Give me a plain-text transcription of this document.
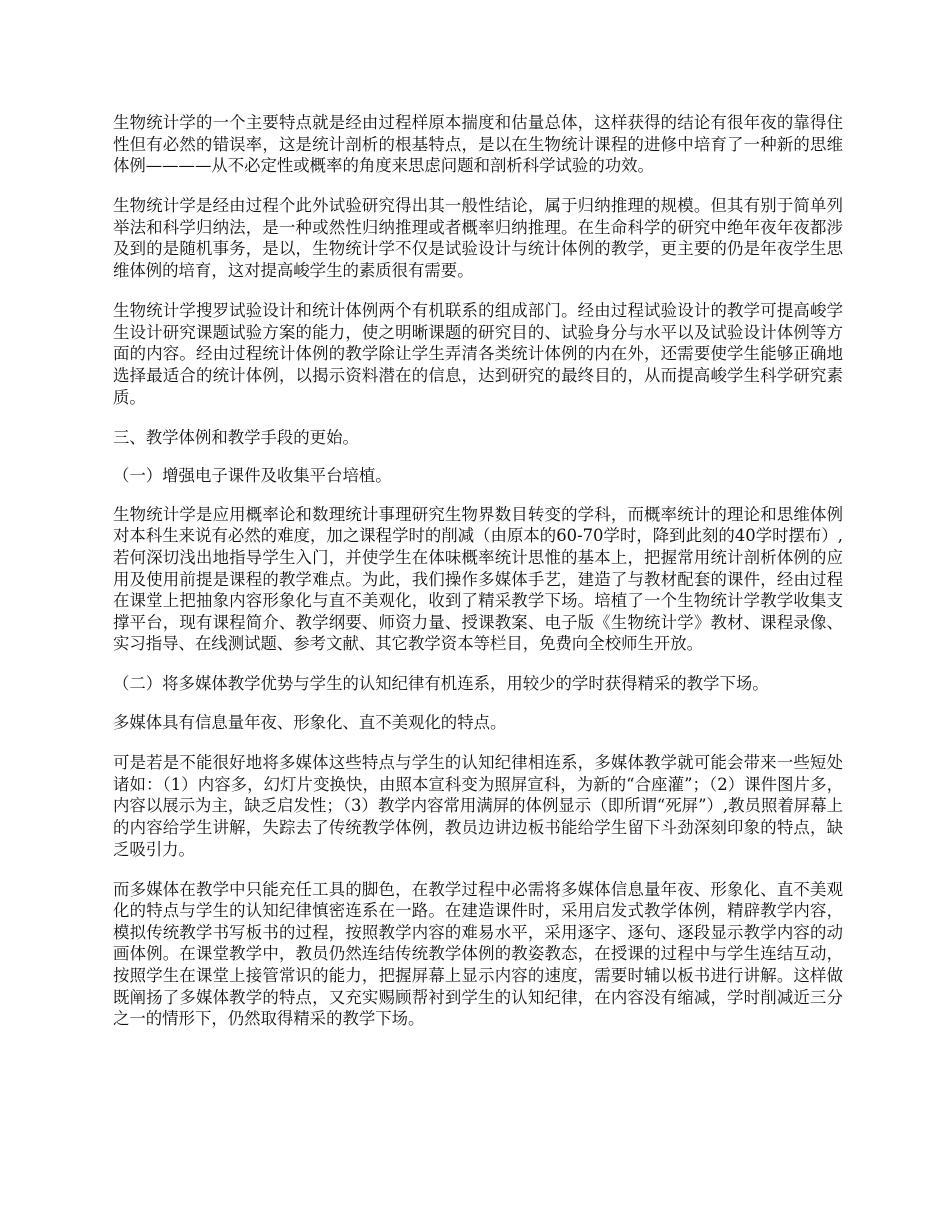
生物统计学的一个主要特点就是经由过程样原本揣度和估量总体，这样获得的结论有很年夜的靠得住性但有必然的错误率，这是统计剖析的根基特点，是以在生物统计课程的进修中培育了一种新的思维体例————从不必定性或概率的角度来思虑问题和剖析科学试验的功效。

生物统计学是经由过程个此外试验研究得出其一般性结论，属于归纳推理的规模。但其有别于简单列举法和科学归纳法，是一种或然性归纳推理或者概率归纳推理。在生命科学的研究中绝年夜年夜都涉及到的是随机事务，是以，生物统计学不仅是试验设计与统计体例的教学，更主要的仍是年夜学生思维体例的培育，这对提高峻学生的素质很有需要。

生物统计学搜罗试验设计和统计体例两个有机联系的组成部门。经由过程试验设计的教学可提高峻学生设计研究课题试验方案的能力，使之明晰课题的研究目的、试验身分与水平以及试验设计体例等方面的内容。经由过程统计体例的教学除让学生弄清各类统计体例的内在外，还需要使学生能够正确地选择最适合的统计体例，以揭示资料潜在的信息，达到研究的最终目的，从而提高峻学生科学研究素质。

三、教学体例和教学手段的更始。

（一）增强电子课件及收集平台培植。

生物统计学是应用概率论和数理统计事理研究生物界数目转变的学科，而概率统计的理论和思维体例对本科生来说有必然的难度，加之课程学时的削减（由原本的60-70学时，降到此刻的40学时摆布）,若何深切浅出地指导学生入门，并使学生在体味概率统计思惟的基本上，把握常用统计剖析体例的应用及使用前提是课程的教学难点。为此，我们操作多媒体手艺，建造了与教材配套的课件，经由过程在课堂上把抽象内容形象化与直不美观化，收到了精采教学下场。培植了一个生物统计学教学收集支撑平台，现有课程简介、教学纲要、师资力量、授课教案、电子版《生物统计学》教材、课程录像、实习指导、在线测试题、参考文献、其它教学资本等栏目，免费向全校师生开放。

（二）将多媒体教学优势与学生的认知纪律有机连系，用较少的学时获得精采的教学下场。

多媒体具有信息量年夜、形象化、直不美观化的特点。

可是若是不能很好地将多媒体这些特点与学生的认知纪律相连系，多媒体教学就可能会带来一些短处诸如：（1）内容多，幻灯片变换快，由照本宣科变为照屏宣科，为新的“合座灌”；（2）课件图片多，内容以展示为主，缺乏启发性；（3）教学内容常用满屏的体例显示（即所谓“死屏”）,教员照着屏幕上的内容给学生讲解，失踪去了传统教学体例，教员边讲边板书能给学生留下斗劲深刻印象的特点，缺乏吸引力。

而多媒体在教学中只能充任工具的脚色，在教学过程中必需将多媒体信息量年夜、形象化、直不美观化的特点与学生的认知纪律慎密连系在一路。在建造课件时，采用启发式教学体例，精辟教学内容，模拟传统教学书写板书的过程，按照教学内容的难易水平，采用逐字、逐句、逐段显示教学内容的动画体例。在课堂教学中，教员仍然连结传统教学体例的教姿教态，在授课的过程中与学生连结互动，按照学生在课堂上接管常识的能力，把握屏幕上显示内容的速度，需要时辅以板书进行讲解。这样做既阐扬了多媒体教学的特点，又充实赐顾帮衬到学生的认知纪律，在内容没有缩减，学时削减近三分之一的情形下，仍然取得精采的教学下场。
